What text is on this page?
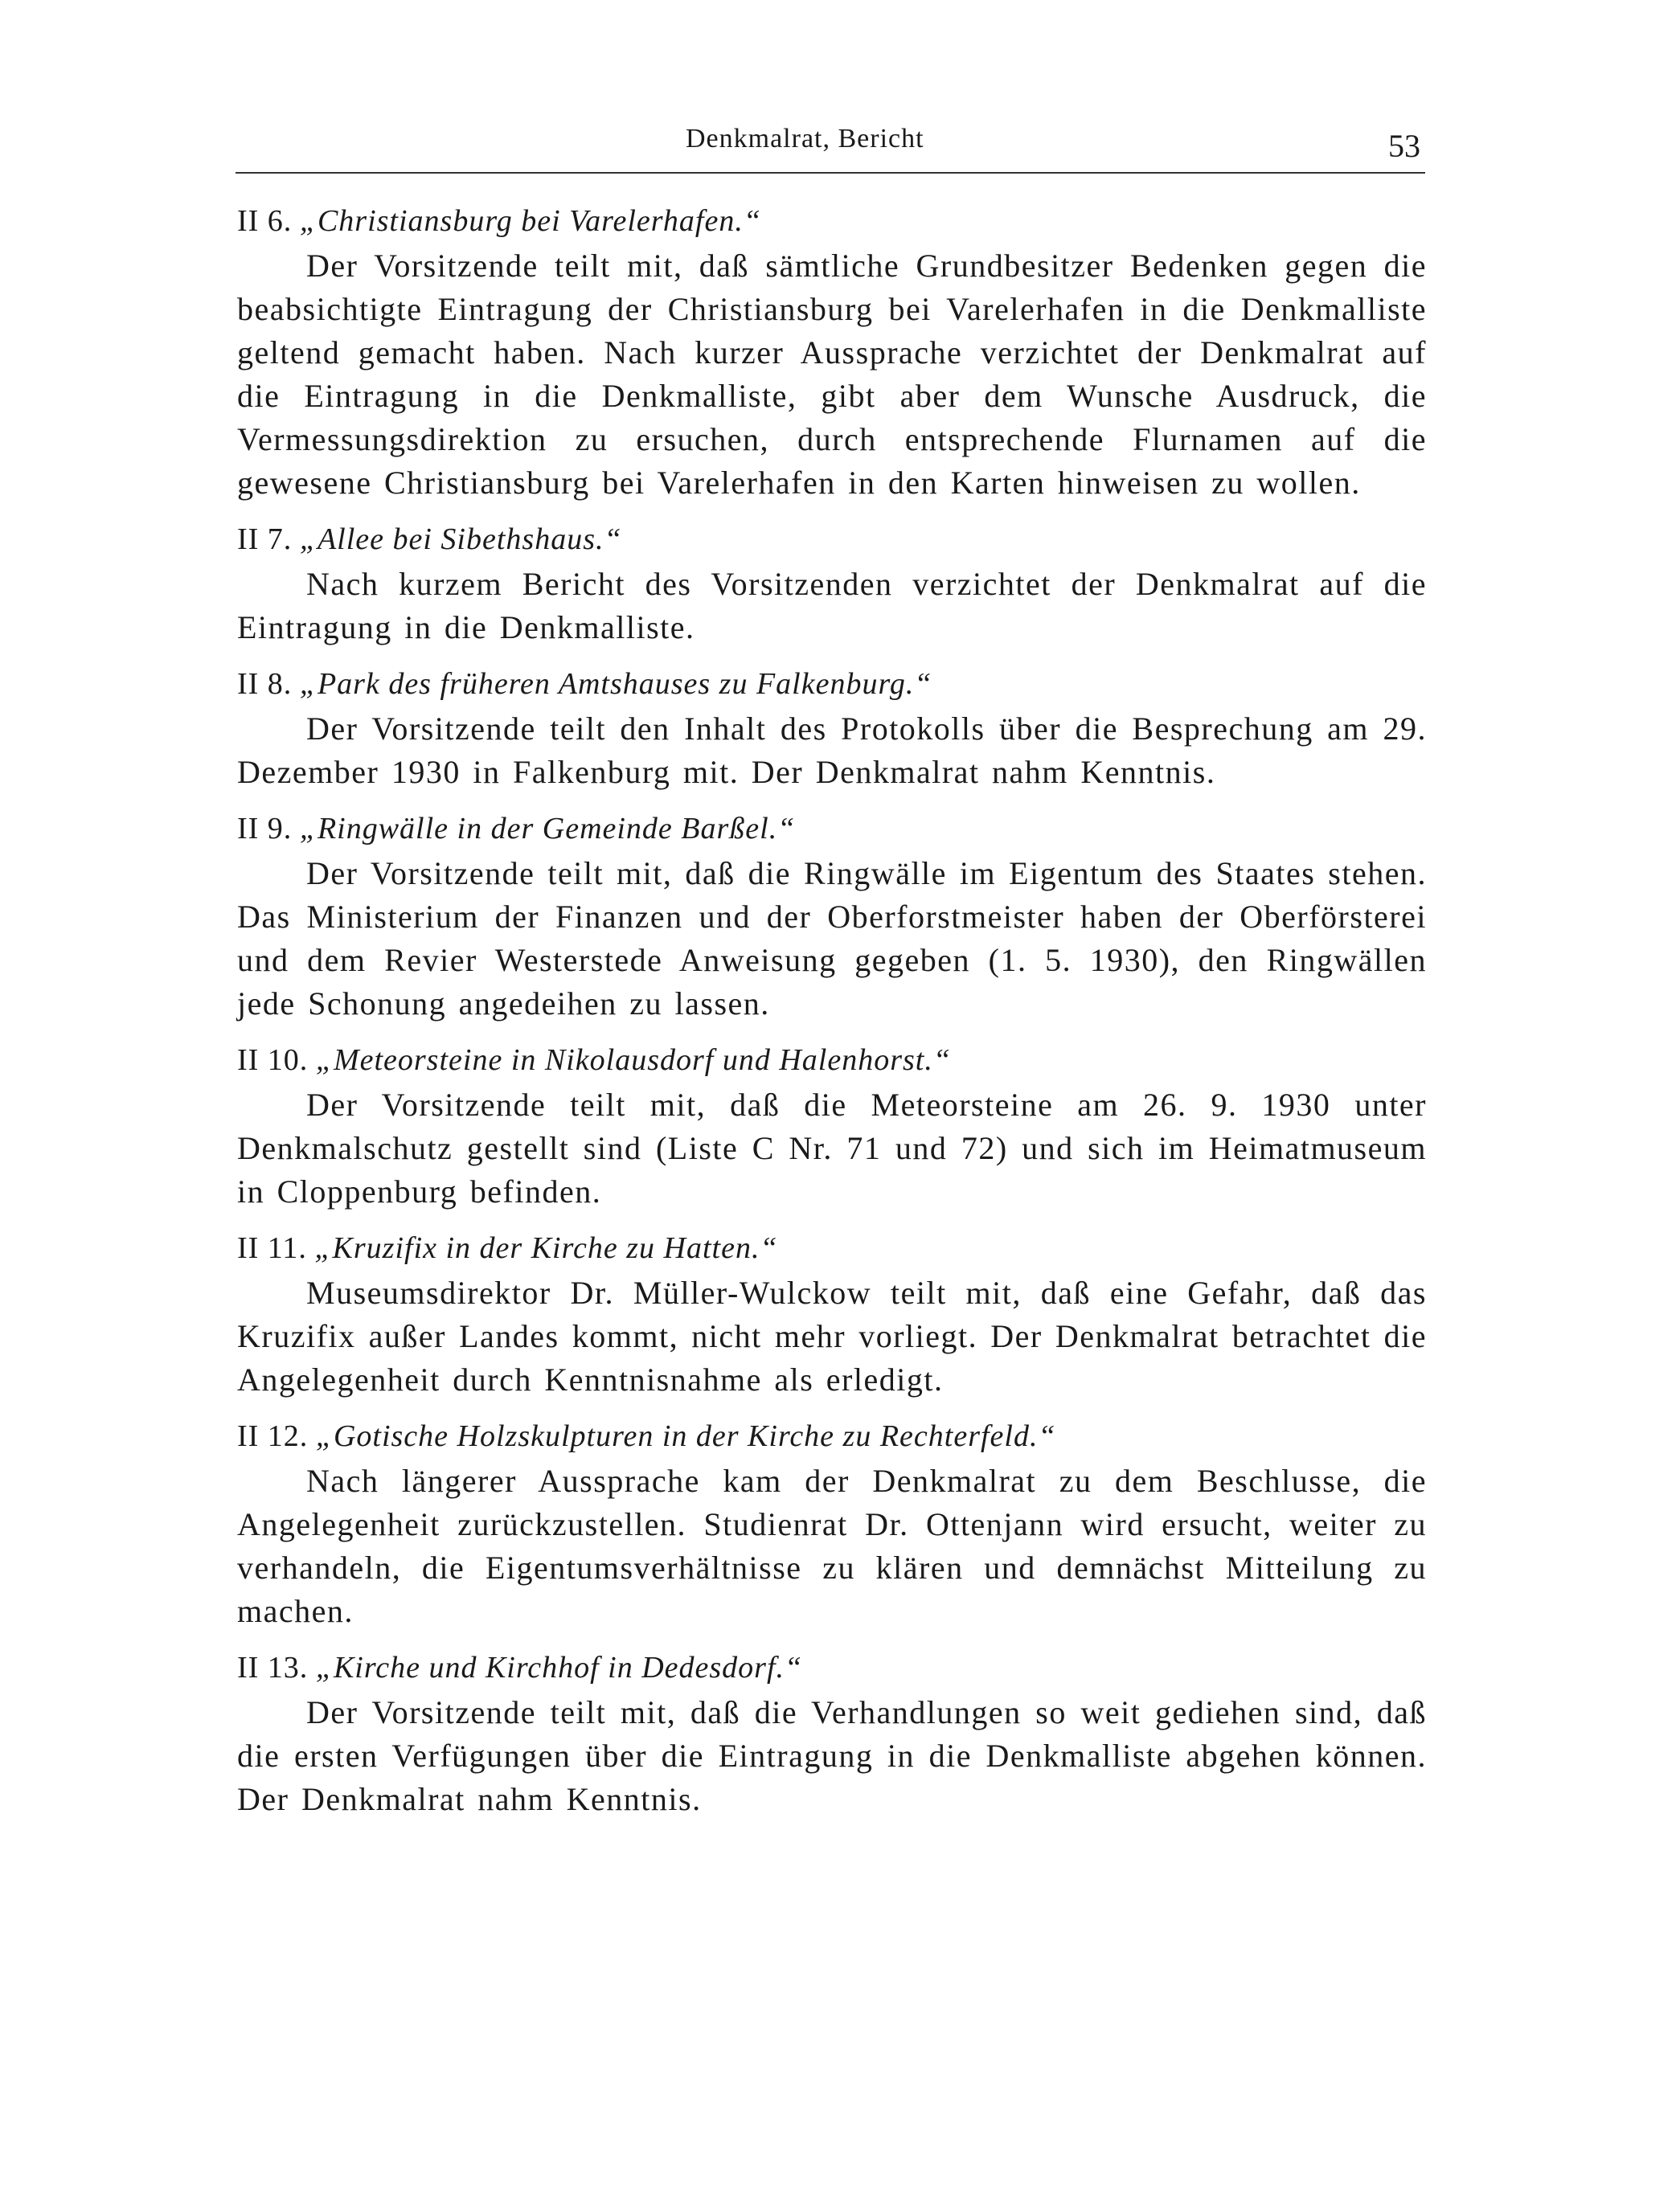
Denkmalrat, Bericht	53
II 6. „Christiansburg bei Varelerhafen.“

Der Vorsitzende teilt mit, daß sämtliche Grundbesitzer Bedenken gegen die beabsichtigte Eintragung der Christiansburg bei Varelerhafen in die Denkmalliste geltend gemacht haben. Nach kurzer Aussprache verzichtet der Denkmalrat auf die Eintragung in die Denkmalliste, gibt aber dem Wunsche Ausdruck, die Vermessungsdirektion zu ersuchen, durch entsprechende Flurnamen auf die gewesene Christiansburg bei Varelerhafen in den Karten hinweisen zu wollen.

II 7. „Allee bei Sibethshaus.“

Nach kurzem Bericht des Vorsitzenden verzichtet der Denkmalrat auf die Eintragung in die Denkmalliste.

II 8. „Park des früheren Amtshauses zu Falkenburg.“

Der Vorsitzende teilt den Inhalt des Protokolls über die Besprechung am 29. Dezember 1930 in Falkenburg mit. Der Denkmalrat nahm Kenntnis.

II 9. „Ringwälle in der Gemeinde Barßel.“

Der Vorsitzende teilt mit, daß die Ringwälle im Eigentum des Staates stehen. Das Ministerium der Finanzen und der Oberforstmeister haben der Oberförsterei und dem Revier Westerstede Anweisung gegeben (1. 5. 1930), den Ringwällen jede Schonung angedeihen zu lassen.

II 10. „Meteorsteine in Nikolausdorf und Halenhorst.“

Der Vorsitzende teilt mit, daß die Meteorsteine am 26. 9. 1930 unter Denkmalschutz gestellt sind (Liste C Nr. 71 und 72) und sich im Heimatmuseum in Cloppenburg befinden.

II 11. „Kruzifix in der Kirche zu Hatten.“

Museumsdirektor Dr. Müller-Wulckow teilt mit, daß eine Gefahr, daß das Kruzifix außer Landes kommt, nicht mehr vorliegt. Der Denkmalrat betrachtet die Angelegenheit durch Kenntnisnahme als erledigt.

II 12. „Gotische Holzskulpturen in der Kirche zu Rechterfeld.“

Nach längerer Aussprache kam der Denkmalrat zu dem Beschlusse, die Angelegenheit zurückzustellen. Studienrat Dr. Ottenjann wird ersucht, weiter zu verhandeln, die Eigentumsverhältnisse zu klären und demnächst Mitteilung zu machen.

II 13. „Kirche und Kirchhof in Dedesdorf.“

Der Vorsitzende teilt mit, daß die Verhandlungen so weit gediehen sind, daß die ersten Verfügungen über die Eintragung in die Denkmalliste abgehen können. Der Denkmalrat nahm Kenntnis.
